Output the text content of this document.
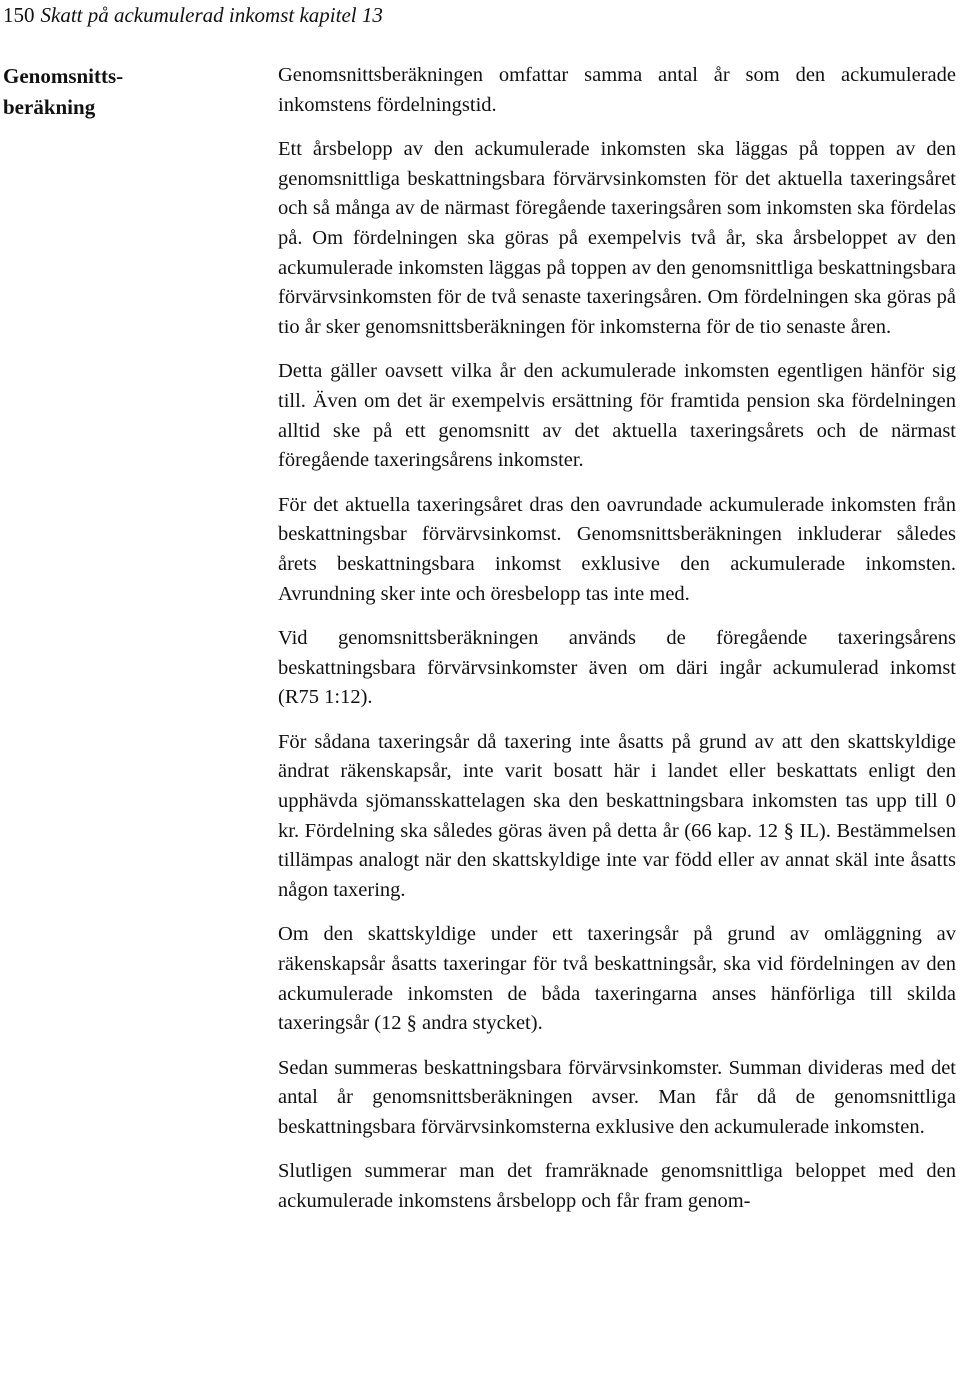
150 Skatt på ackumulerad inkomst kapitel 13
Genomsnitts-
beräkning

Genomsnittsberäkningen omfattar samma antal år som den ackumulerade inkomstens fördelningstid.

Ett årsbelopp av den ackumulerade inkomsten ska läggas på toppen av den genomsnittliga beskattningsbara förvärvsinkomsten för det aktuella taxeringsåret och så många av de närmast föregående taxeringsåren som inkomsten ska fördelas på. Om fördelningen ska göras på exempelvis två år, ska årsbeloppet av den ackumulerade inkomsten läggas på toppen av den genomsnittliga beskattningsbara förvärvsinkomsten för de två senaste taxeringsåren. Om fördelningen ska göras på tio år sker genomsnittsberäkningen för inkomsterna för de tio senaste åren.

Detta gäller oavsett vilka år den ackumulerade inkomsten egentligen hänför sig till. Även om det är exempelvis ersättning för framtida pension ska fördelningen alltid ske på ett genomsnitt av det aktuella taxeringsårets och de närmast föregående taxeringsårens inkomster.

För det aktuella taxeringsåret dras den oavrundade ackumulerade inkomsten från beskattningsbar förvärvsinkomst. Genomsnittsberäkningen inkluderar således årets beskattningsbara inkomst exklusive den ackumulerade inkomsten. Avrundning sker inte och öresbelopp tas inte med.

Vid genomsnittsberäkningen används de föregående taxeringsårens beskattningsbara förvärvsinkomster även om däri ingår ackumulerad inkomst (R75 1:12).

För sådana taxeringsår då taxering inte åsatts på grund av att den skattskyldige ändrat räkenskapsår, inte varit bosatt här i landet eller beskattats enligt den upphävda sjömansskattelagen ska den beskattningsbara inkomsten tas upp till 0 kr. Fördelning ska således göras även på detta år (66 kap. 12 § IL). Bestämmelsen tillämpas analogt när den skattskyldige inte var född eller av annat skäl inte åsatts någon taxering.

Om den skattskyldige under ett taxeringsår på grund av omläggning av räkenskapsår åsatts taxeringar för två beskattningsår, ska vid fördelningen av den ackumulerade inkomsten de båda taxeringarna anses hänförliga till skilda taxeringsår (12 § andra stycket).

Sedan summeras beskattningsbara förvärvsinkomster. Summan divideras med det antal år genomsnittsberäkningen avser. Man får då de genomsnittliga beskattningsbara förvärvsinkomsterna exklusive den ackumulerade inkomsten.

Slutligen summerar man det framräknade genomsnittliga beloppet med den ackumulerade inkomstens årsbelopp och får fram genom-
